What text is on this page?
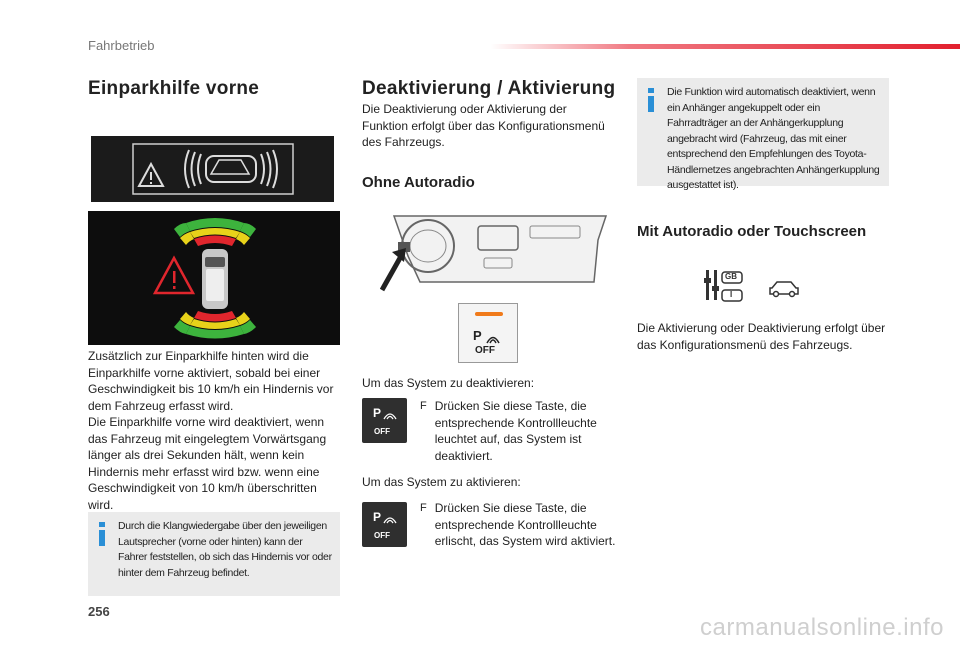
Fahrbetrieb
Einparkhilfe vorne

Zusätzlich zur Einparkhilfe hinten wird die Einparkhilfe vorne aktiviert, sobald bei einer Geschwindigkeit bis 10 km/h ein Hindernis vor dem Fahrzeug erfasst wird.

Die Einparkhilfe vorne wird deaktiviert, wenn das Fahrzeug mit eingelegtem Vorwärtsgang länger als drei Sekunden hält, wenn kein Hindernis mehr erfasst wird bzw. wenn eine Geschwindigkeit von 10 km/h überschritten wird.

Durch die Klangwiedergabe über den jeweiligen Lautsprecher (vorne oder hinten) kann der Fahrer feststellen, ob sich das Hindernis vor oder hinter dem Fahrzeug befindet.

Deaktivierung / Aktivierung

Die Deaktivierung oder Aktivierung der Funktion erfolgt über das Konfigurationsmenü des Fahrzeugs.

Ohne Autoradio
P
OFF

Um das System zu deaktivieren:

P
OFF
F Drücken Sie diese Taste, die entsprechende Kontrollleuchte leuchtet auf, das System ist deaktiviert.

Um das System zu aktivieren:

P
OFF
F Drücken Sie diese Taste, die entsprechende Kontrollleuchte erlischt, das System wird aktiviert.

Die Funktion wird automatisch deaktiviert, wenn ein Anhänger angekuppelt oder ein Fahrradträger an der Anhängerkupplung angebracht wird (Fahrzeug, das mit einer entsprechend den Empfehlungen des Toyota-Händlernetzes angebrachten Anhängerkupplung ausgestattet ist).

Mit Autoradio oder Touchscreen
GB
I

Die Aktivierung oder Deaktivierung erfolgt über das Konfigurationsmenü des Fahrzeugs.

256
carmanualsonline.info
